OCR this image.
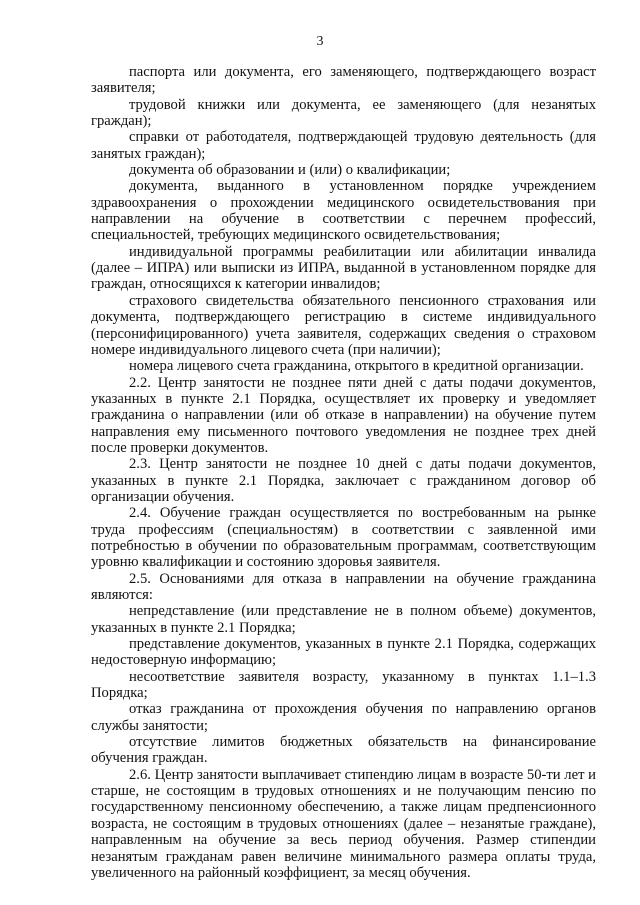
3

паспорта или документа, его заменяющего, подтверждающего возраст заявителя;

трудовой книжки или документа, ее заменяющего (для незанятых граждан);

справки от работодателя, подтверждающей трудовую деятельность (для занятых граждан);

документа об образовании и (или) о квалификации;

документа, выданного в установленном порядке учреждением здравоохранения о прохождении медицинского освидетельствования при направлении на обучение в соответствии с перечнем профессий, специальностей, требующих медицинского освидетельствования;

индивидуальной программы реабилитации или абилитации инвалида (далее – ИПРА) или выписки из ИПРА, выданной в установленном порядке для граждан, относящихся к категории инвалидов;

страхового свидетельства обязательного пенсионного страхования или документа, подтверждающего регистрацию в системе индивидуального (персонифицированного) учета заявителя, содержащих сведения о страховом номере индивидуального лицевого счета (при наличии);

номера лицевого счета гражданина, открытого в кредитной организации.

2.2. Центр занятости не позднее пяти дней с даты подачи документов, указанных в пункте 2.1 Порядка, осуществляет их проверку и уведомляет гражданина о направлении (или об отказе в направлении) на обучение путем направления ему письменного почтового уведомления не позднее трех дней после проверки документов.

2.3. Центр занятости не позднее 10 дней с даты подачи документов, указанных в пункте 2.1 Порядка, заключает с гражданином договор об организации обучения.

2.4. Обучение граждан осуществляется по востребованным на рынке труда профессиям (специальностям) в соответствии с заявленной ими потребностью в обучении по образовательным программам, соответствующим уровню квалификации и состоянию здоровья заявителя.

2.5. Основаниями для отказа в направлении на обучение гражданина являются:

непредставление (или представление не в полном объеме) документов, указанных в пункте 2.1 Порядка;

представление документов, указанных в пункте 2.1 Порядка, содержащих недостоверную информацию;

несоответствие заявителя возрасту, указанному в пунктах 1.1–1.3 Порядка;

отказ гражданина от прохождения обучения по направлению органов службы занятости;

отсутствие лимитов бюджетных обязательств на финансирование обучения граждан.

2.6. Центр занятости выплачивает стипендию лицам в возрасте 50-ти лет и старше, не состоящим в трудовых отношениях и не получающим пенсию по государственному пенсионному обеспечению, а также лицам предпенсионного возраста, не состоящим в трудовых отношениях (далее – незанятые граждане), направленным на обучение за весь период обучения. Размер стипендии незанятым гражданам равен величине минимального размера оплаты труда, увеличенного на районный коэффициент, за месяц обучения.
